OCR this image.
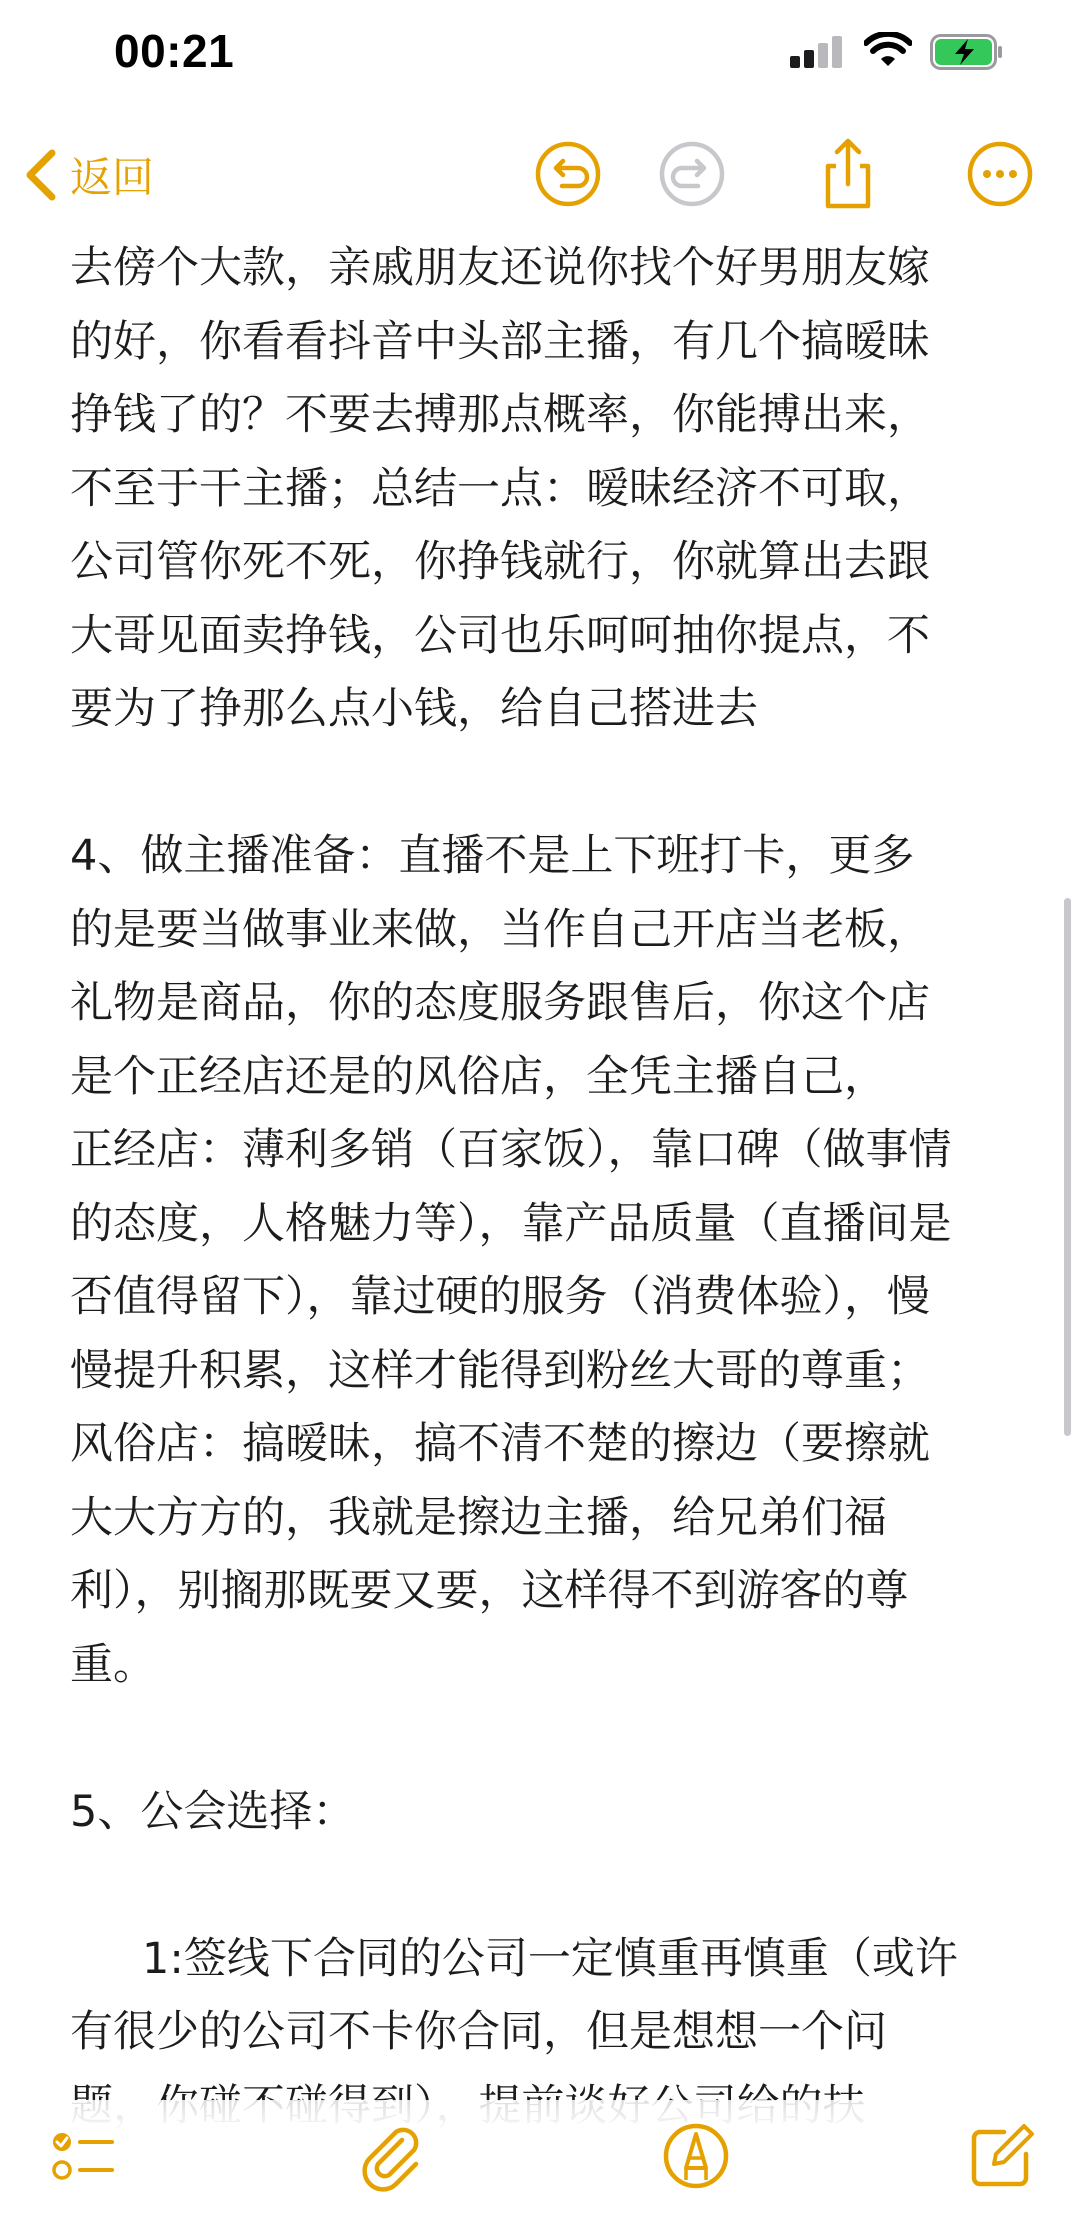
00:21
返回
去傍个大款，亲戚朋友还说你找个好男朋友嫁
的好，你看看抖音中头部主播，有几个搞暧昧
挣钱了的？不要去搏那点概率，你能搏出来，
不至于干主播；总结一点：暧昧经济不可取，
公司管你死不死，你挣钱就行，你就算出去跟
大哥见面卖挣钱，公司也乐呵呵抽你提点，不
要为了挣那么点小钱，给自己搭进去
4、做主播准备：直播不是上下班打卡，更多
的是要当做事业来做，当作自己开店当老板，
礼物是商品，你的态度服务跟售后，你这个店
是个正经店还是的风俗店，全凭主播自己，
正经店：薄利多销（百家饭），靠口碑（做事情
的态度，人格魅力等），靠产品质量（直播间是
否值得留下），靠过硬的服务（消费体验），慢
慢提升积累，这样才能得到粉丝大哥的尊重；
风俗店：搞暧昧，搞不清不楚的擦边（要擦就
大大方方的，我就是擦边主播，给兄弟们福
利），别搁那既要又要，这样得不到游客的尊
重。
5、公会选择：
1:签线下合同的公司一定慎重再慎重（或许
有很少的公司不卡你合同，但是想想一个问
